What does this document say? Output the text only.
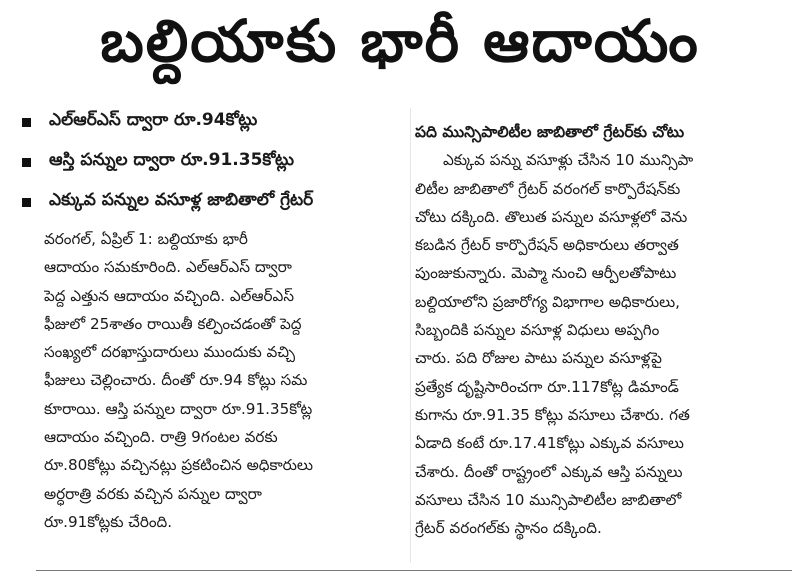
బల్దియాకు భారీ ఆదాయం
ఎల్ఆర్ఎస్ ద్వారా రూ.94కోట్లు
ఆస్తి పన్నుల ద్వారా రూ.91.35కోట్లు
ఎక్కువ పన్నుల వసూళ్ల జాబితాలో గ్రేటర్
వరంగల్, ఏప్రిల్ 1: బల్దియాకు భారీ
ఆదాయం సమకూరింది. ఎల్ఆర్ఎస్ ద్వారా
పెద్ద ఎత్తున ఆదాయం వచ్చింది. ఎల్ఆర్ఎస్
ఫీజులో 25శాతం రాయితీ కల్పించడంతో పెద్ద
సంఖ్యలో దరఖాస్తుదారులు ముందుకు వచ్చి
ఫీజులు చెల్లించారు. దీంతో రూ.94 కోట్లు సమ
కూరాయి. ఆస్తి పన్నుల ద్వారా రూ.91.35కోట్ల
ఆదాయం వచ్చింది. రాత్రి 9గంటల వరకు
రూ.80కోట్లు వచ్చినట్లు ప్రకటించిన అధికారులు
అర్ధరాత్రి వరకు వచ్చిన పన్నుల ద్వారా
రూ.91కోట్లకు చేరింది.
పది మున్సిపాలిటీల జాబితాలో గ్రేటర్‌కు చోటు
ఎక్కువ పన్ను వసూళ్లు చేసిన 10 మున్సిపా
లిటీల జాబితాలో గ్రేటర్ వరంగల్ కార్పొరేషన్‌కు
చోటు దక్కింది. తొలుత పన్నుల వసూళ్లలో వెను
కబడిన గ్రేటర్ కార్పొరేషన్ అధికారులు తర్వాత
పుంజుకున్నారు. మెప్మా నుంచి ఆర్పీలతోపాటు
బల్దియాలోని ప్రజారోగ్య విభాగాల అధికారులు,
సిబ్బందికి పన్నుల వసూళ్ల విధులు అప్పగిం
చారు. పది రోజుల పాటు పన్నుల వసూళ్లపై
ప్రత్యేక దృష్టిసారించగా రూ.117కోట్ల డిమాండ్
కుగాను రూ.91.35 కోట్లు వసూలు చేశారు. గత
ఏడాది కంటే రూ.17.41కోట్లు ఎక్కువ వసూలు
చేశారు. దీంతో రాష్ట్రంలో ఎక్కువ ఆస్తి పన్నులు
వసూలు చేసిన 10 మున్సిపాలిటీల జాబితాలో
గ్రేటర్ వరంగల్‌కు స్థానం దక్కింది.
